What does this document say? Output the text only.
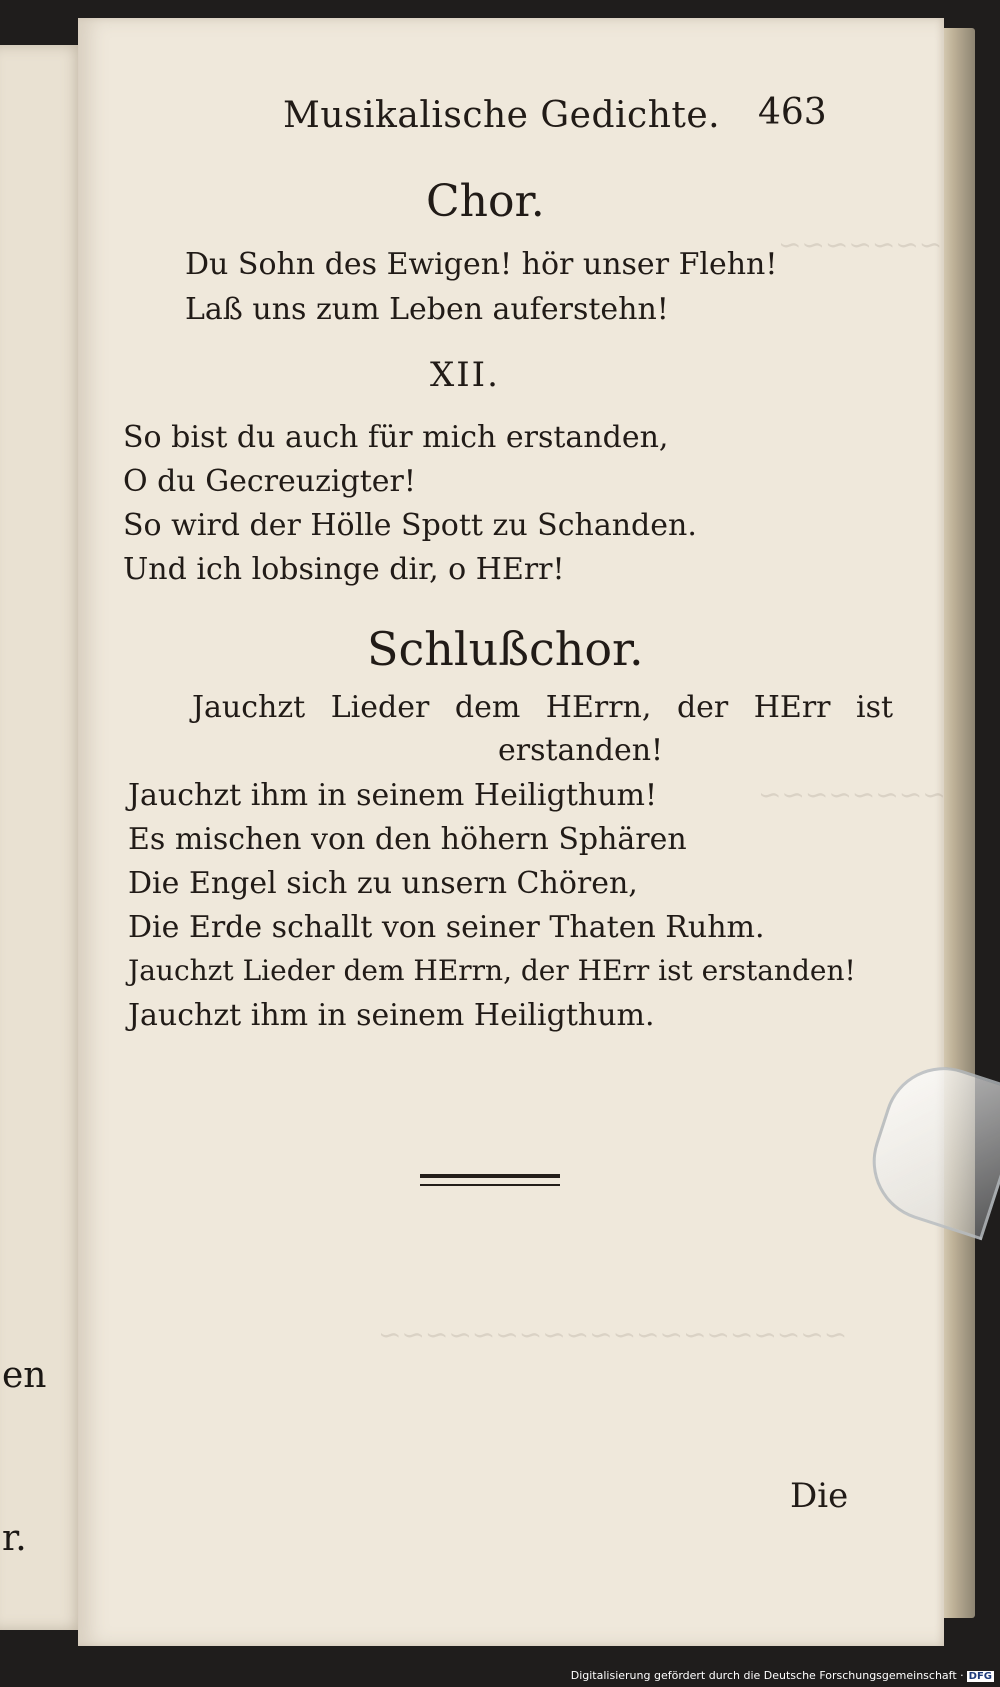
en
r.
~~~~~~~
~~~~~~~~
~~~~~~~~~~~~~~~~~~~~
Musikalische Gedichte. 463
Chor.
Du Sohn des Ewigen! hör unser Flehn!
Laß uns zum Leben auferstehn!
XII.
So bist du auch für mich erstanden,
O du Gecreuzigter!
So wird der Hölle Spott zu Schanden.
Und ich lobsinge dir, o HErr!
Schlußchor.
Jauchzt Lieder dem HErrn, der HErr ist
erstanden!
Jauchzt ihm in seinem Heiligthum!
Es mischen von den höhern Sphären
Die Engel sich zu unsern Chören,
Die Erde schallt von seiner Thaten Ruhm.
Jauchzt Lieder dem HErrn, der HErr ist erstanden!
Jauchzt ihm in seinem Heiligthum.
Die
Digitalisierung gefördert durch die Deutsche Forschungsgemeinschaft · DFG
